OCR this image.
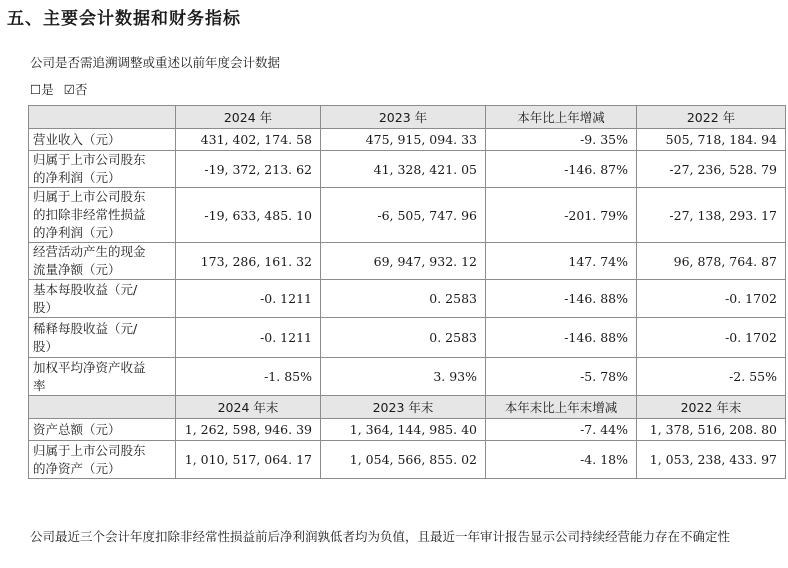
五、主要会计数据和财务指标
公司是否需追溯调整或重述以前年度会计数据
☐是 ☑否
	2024 年	2023 年	本年比上年增减	2022 年
营业收入（元）	431, 402, 174. 58	475, 915, 094. 33	-9. 35%	505, 718, 184. 94
归属于上市公司股东
的净利润（元）	-19, 372, 213. 62	41, 328, 421. 05	-146. 87%	-27, 236, 528. 79
归属于上市公司股东
的扣除非经常性损益
的净利润（元）	-19, 633, 485. 10	-6, 505, 747. 96	-201. 79%	-27, 138, 293. 17
经营活动产生的现金
流量净额（元）	173, 286, 161. 32	69, 947, 932. 12	147. 74%	96, 878, 764. 87
基本每股收益（元/
股）	-0. 1211	0. 2583	-146. 88%	-0. 1702
稀释每股收益（元/
股）	-0. 1211	0. 2583	-146. 88%	-0. 1702
加权平均净资产收益
率	-1. 85%	3. 93%	-5. 78%	-2. 55%
	2024 年末	2023 年末	本年末比上年末增减	2022 年末
资产总额（元）	1, 262, 598, 946. 39	1, 364, 144, 985. 40	-7. 44%	1, 378, 516, 208. 80
归属于上市公司股东
的净资产（元）	1, 010, 517, 064. 17	1, 054, 566, 855. 02	-4. 18%	1, 053, 238, 433. 97
公司最近三个会计年度扣除非经常性损益前后净利润孰低者均为负值，且最近一年审计报告显示公司持续经营能力存在不确定性
